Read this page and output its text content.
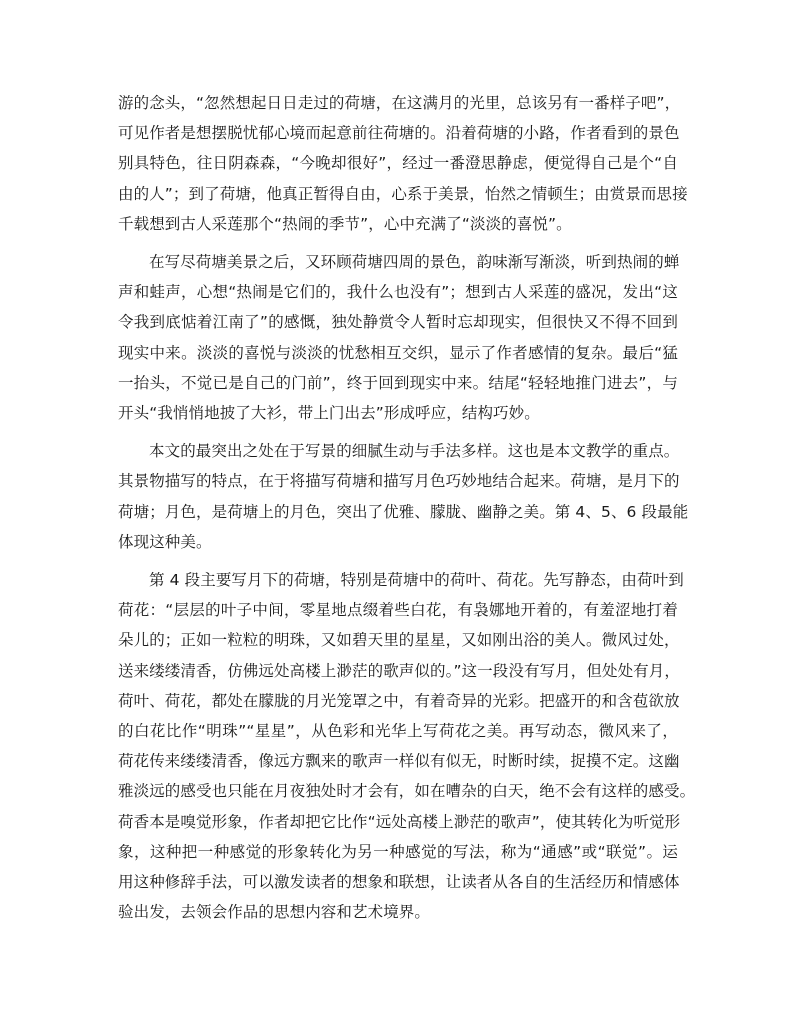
游的念头，“忽然想起日日走过的荷塘，在这满月的光里，总该另有一番样子吧”，
可见作者是想摆脱忧郁心境而起意前往荷塘的。沿着荷塘的小路，作者看到的景色
别具特色，往日阴森森，“今晚却很好”，经过一番澄思静虑，便觉得自己是个“自
由的人”；到了荷塘，他真正暂得自由，心系于美景，怡然之情顿生；由赏景而思接
千载想到古人采莲那个“热闹的季节”，心中充满了“淡淡的喜悦”。
在写尽荷塘美景之后，又环顾荷塘四周的景色，韵味渐写渐淡，听到热闹的蝉
声和蛙声，心想“热闹是它们的，我什么也没有”；想到古人采莲的盛况，发出“这
令我到底惦着江南了”的感慨，独处静赏令人暂时忘却现实，但很快又不得不回到
现实中来。淡淡的喜悦与淡淡的忧愁相互交织，显示了作者感情的复杂。最后“猛
一抬头，不觉已是自己的门前”，终于回到现实中来。结尾“轻轻地推门进去”，与
开头“我悄悄地披了大衫，带上门出去”形成呼应，结构巧妙。
本文的最突出之处在于写景的细腻生动与手法多样。这也是本文教学的重点。
其景物描写的特点，在于将描写荷塘和描写月色巧妙地结合起来。荷塘，是月下的
荷塘；月色，是荷塘上的月色，突出了优雅、朦胧、幽静之美。第 4、5、6 段最能
体现这种美。
第 4 段主要写月下的荷塘，特别是荷塘中的荷叶、荷花。先写静态，由荷叶到
荷花：“层层的叶子中间，零星地点缀着些白花，有袅娜地开着的，有羞涩地打着
朵儿的；正如一粒粒的明珠，又如碧天里的星星，又如刚出浴的美人。微风过处，
送来缕缕清香，仿佛远处高楼上渺茫的歌声似的。”这一段没有写月，但处处有月，
荷叶、荷花，都处在朦胧的月光笼罩之中，有着奇异的光彩。把盛开的和含苞欲放
的白花比作“明珠”“星星”，从色彩和光华上写荷花之美。再写动态，微风来了，
荷花传来缕缕清香，像远方飘来的歌声一样似有似无，时断时续，捉摸不定。这幽
雅淡远的感受也只能在月夜独处时才会有，如在嘈杂的白天，绝不会有这样的感受。
荷香本是嗅觉形象，作者却把它比作“远处高楼上渺茫的歌声”，使其转化为听觉形
象，这种把一种感觉的形象转化为另一种感觉的写法，称为“通感”或“联觉”。运
用这种修辞手法，可以激发读者的想象和联想，让读者从各自的生活经历和情感体
验出发，去领会作品的思想内容和艺术境界。
